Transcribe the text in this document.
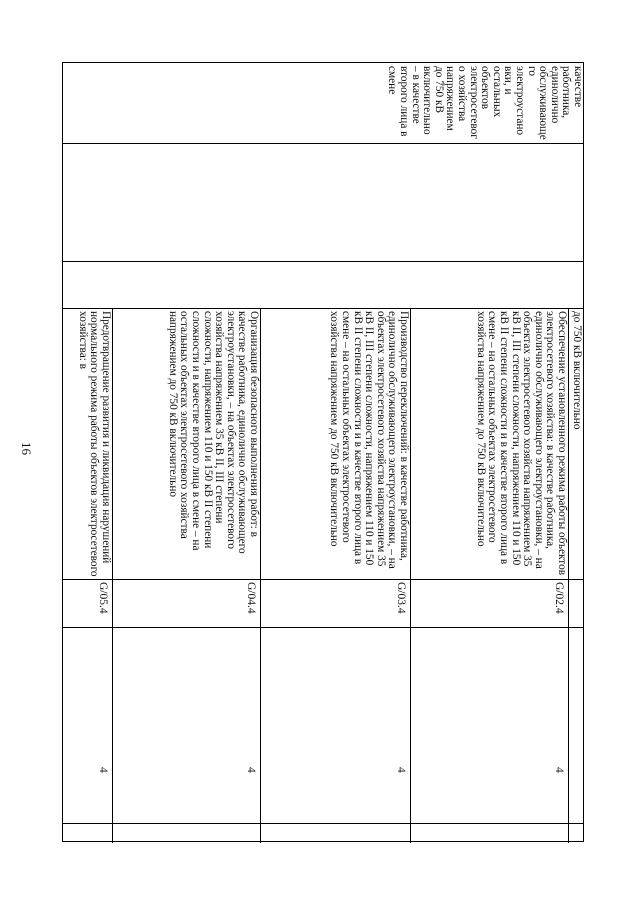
16
качестве работника, единолично обслуживающего электроустановки, и остальных объектов электросетевого хозяйства напряжением до 750 кВ включительно – в качестве второго лица в смене
до 750 кВ включительно
Обеспечение установленного режима работы объектов электросетевого хозяйства: в качестве работника, единолично обслуживающего электроустановки, – на объектах электросетевого хозяйства напряжением 35 кВ II, III степени сложности, напряжением 110 и 150 кВ II степени сложности и в качестве второго лица в смене – на остальных объектах электросетевого хозяйства напряжением до 750 кВ включительно
G/02.4
4
Производство переключений: в качестве работника, единолично обслуживающего электроустановки, – на объектах электросетевого хозяйства напряжением 35 кВ II, III степени сложности, напряжением 110 и 150 кВ II степени сложности и в качестве второго лица в смене – на остальных объектах электросетевого хозяйства напряжением до 750 кВ включительно
G/03.4
4
Организация безопасного выполнения работ: в качестве работника, единолично обслуживающего электроустановки, – на объектах электросетевого хозяйства напряжением 35 кВ II, III степени сложности, напряжением 110 и 150 кВ II степени сложности и в качестве второго лица в смене – на остальных объектах электросетевого хозяйства напряжением до 750 кВ включительно
G/04.4
4
Предотвращение развития и ликвидация нарушений нормального режима работы объектов электросетевого хозяйства: в
G/05.4
4
